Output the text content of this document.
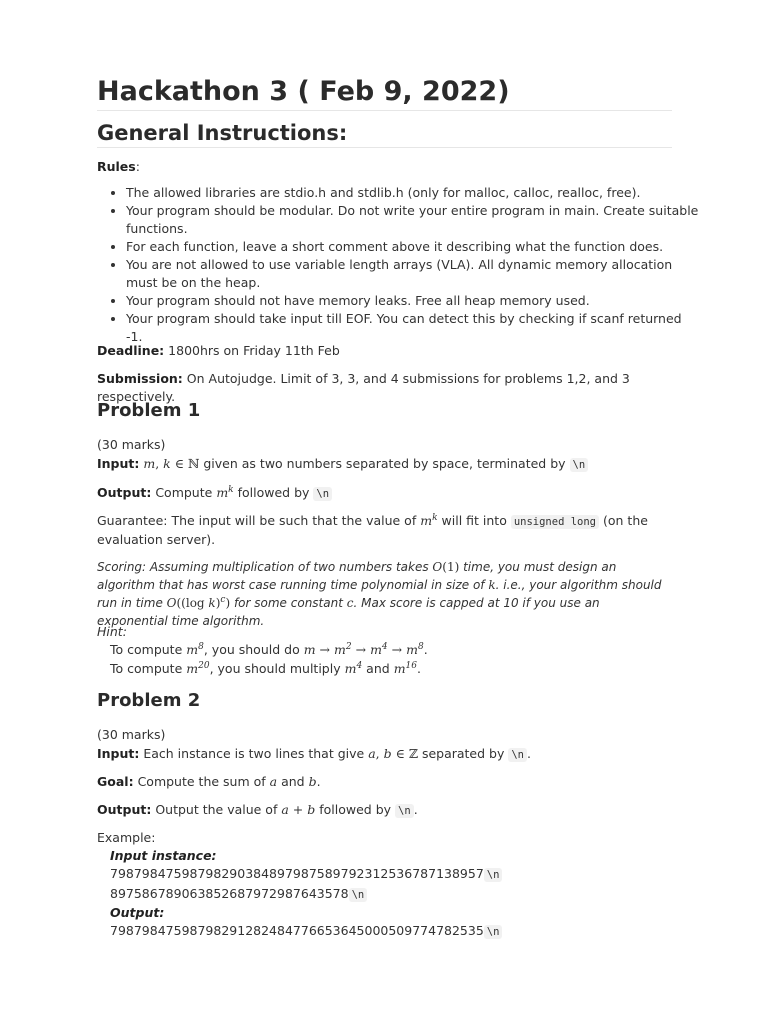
Hackathon 3 ( Feb 9, 2022)
General Instructions:

Rules:

• The allowed libraries are stdio.h and stdlib.h (only for malloc, calloc, realloc, free).
• Your program should be modular. Do not write your entire program in main. Create suitable functions.
• For each function, leave a short comment above it describing what the function does.
• You are not allowed to use variable length arrays (VLA). All dynamic memory allocation must be on the heap.
• Your program should not have memory leaks. Free all heap memory used.
• Your program should take input till EOF. You can detect this by checking if scanf returned -1.

Deadline: 1800hrs on Friday 11th Feb

Submission: On Autojudge. Limit of 3, 3, and 4 submissions for problems 1,2, and 3 respectively.

Problem 1

(30 marks)

Input: m, k ∈ ℕ given as two numbers separated by space, terminated by \n

Output: Compute $m^k$ followed by \n

Guarantee: The input will be such that the value of $m^k$ will fit into unsigned long (on the evaluation server).

Scoring: Assuming multiplication of two numbers takes O(1) time, you must design an algorithm that has worst case running time polynomial in size of k. i.e., your algorithm should run in time O((log k)$^c$) for some constant c. Max score is capped at 10 if you use an exponential time algorithm.

Hint:

To compute $m^8$, you should do $m \to m^2 \to m^4 \to m^8$.

To compute $m^{20}$, you should multiply $m^4$ and $m^{16}$.

Problem 2

(30 marks)

Input: Each instance is two lines that give a, b ∈ ℤ separated by \n .

Goal: Compute the sum of a and b.

Output: Output the value of a + b followed by \n .

Example:

Input instance:

79879847598798290384897987589792312536787138957 \n

897586789063852687972987643578 \n

Output:

79879847598798291282484776653645000509774782535 \n
